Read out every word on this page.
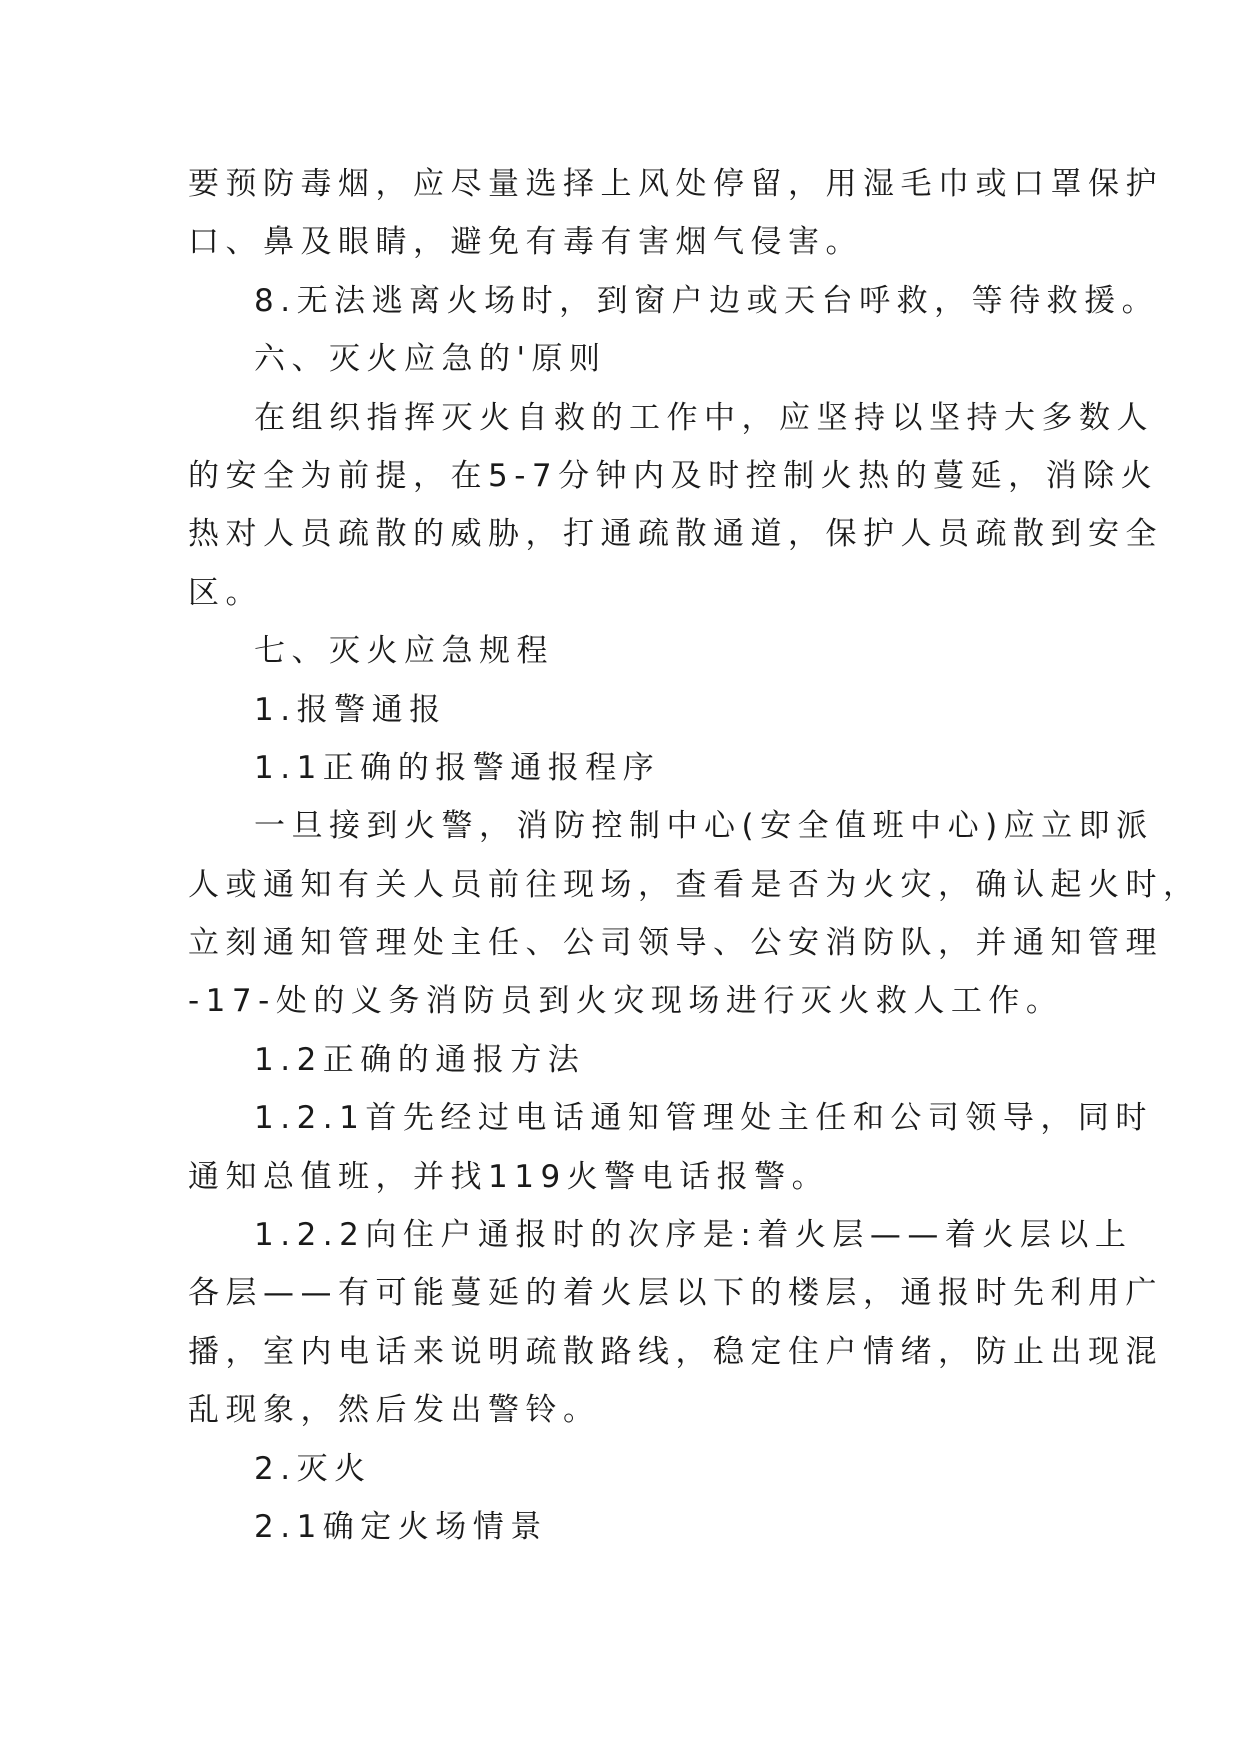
要预防毒烟，应尽量选择上风处停留，用湿毛巾或口罩保护
口、鼻及眼睛，避免有毒有害烟气侵害。
8.无法逃离火场时，到窗户边或天台呼救，等待救援。
六、灭火应急的'原则
在组织指挥灭火自救的工作中，应坚持以坚持大多数人
的安全为前提，在5-7分钟内及时控制火热的蔓延，消除火
热对人员疏散的威胁，打通疏散通道，保护人员疏散到安全
区。
七、灭火应急规程
1.报警通报
1.1正确的报警通报程序
一旦接到火警，消防控制中心(安全值班中心)应立即派
人或通知有关人员前往现场，查看是否为火灾，确认起火时，
立刻通知管理处主任、公司领导、公安消防队，并通知管理
-17-处的义务消防员到火灾现场进行灭火救人工作。
1.2正确的通报方法
1.2.1首先经过电话通知管理处主任和公司领导，同时
通知总值班，并找119火警电话报警。
1.2.2向住户通报时的次序是:着火层——着火层以上
各层——有可能蔓延的着火层以下的楼层，通报时先利用广
播，室内电话来说明疏散路线，稳定住户情绪，防止出现混
乱现象，然后发出警铃。
2.灭火
2.1确定火场情景
